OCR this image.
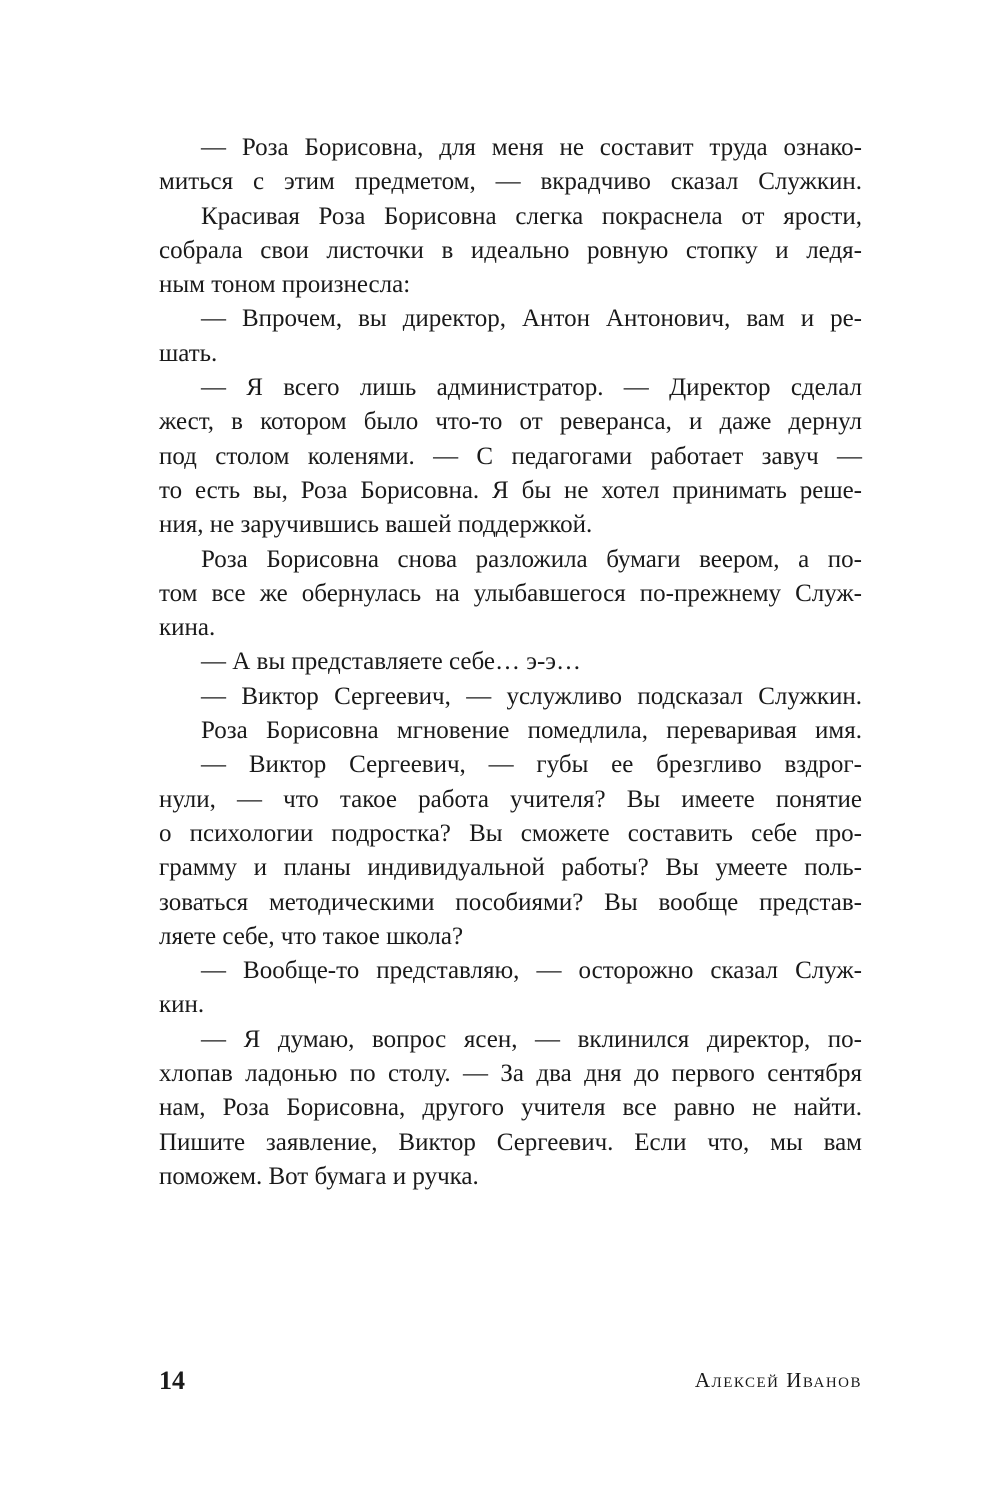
— Роза Борисовна, для меня не составит труда ознако-
миться с этим предметом, — вкрадчиво сказал Служкин.
Красивая Роза Борисовна слегка покраснела от ярости,
собрала свои листочки в идеально ровную стопку и ледя-
ным тоном произнесла:
— Впрочем, вы директор, Антон Антонович, вам и ре-
шать.
— Я всего лишь администратор. — Директор сделал
жест, в котором было что-то от реверанса, и даже дернул
под столом коленями. — С педагогами работает завуч —
то есть вы, Роза Борисовна. Я бы не хотел принимать реше-
ния, не заручившись вашей поддержкой.
Роза Борисовна снова разложила бумаги веером, а по-
том все же обернулась на улыбавшегося по-прежнему Служ-
кина.
— А вы представляете себе… э-э…
— Виктор Сергеевич, — услужливо подсказал Служкин.
Роза Борисовна мгновение помедлила, переваривая имя.
— Виктор Сергеевич, — губы ее брезгливо вздрог-
нули, — что такое работа учителя? Вы имеете понятие
о психологии подростка? Вы сможете составить себе про-
грамму и планы индивидуальной работы? Вы умеете поль-
зоваться методическими пособиями? Вы вообще представ-
ляете себе, что такое школа?
— Вообще-то представляю, — осторожно сказал Служ-
кин.
— Я думаю, вопрос ясен, — вклинился директор, по-
хлопав ладонью по столу. — За два дня до первого сентября
нам, Роза Борисовна, другого учителя все равно не найти.
Пишите заявление, Виктор Сергеевич. Если что, мы вам
поможем. Вот бумага и ручка.
14	Алексей Иванов
